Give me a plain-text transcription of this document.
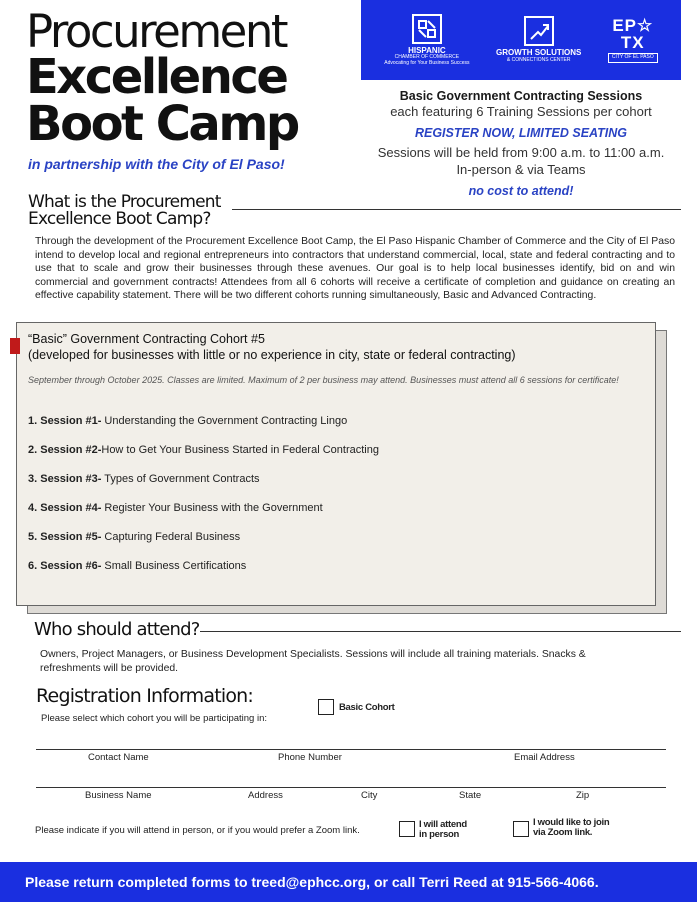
Procurement
Excellence
Boot Camp
in partnership with the City of El Paso!
HISPANIC
CHAMBER OF COMMERCE
Advocating for Your Business Success
GROWTH SOLUTIONS
& CONNECTIONS CENTER
EP☆
TX
CITY OF EL PASO
Basic Government Contracting Sessions
each featuring 6 Training Sessions per cohort
REGISTER NOW, LIMITED SEATING
Sessions will be held from 9:00 a.m. to 11:00 a.m.
In-person & via Teams
no cost to attend!
What is the Procurement
Excellence Boot Camp?
Through the development of the Procurement Excellence Boot Camp, the El Paso Hispanic Chamber of Commerce and the City of El Paso intend to develop local and regional entrepreneurs into contractors that understand commercial, local, state and federal contracting and to use that to scale and grow their businesses through these avenues. Our goal is to help local businesses identify, bid on and win commercial and government contracts! Attendees from all 6 cohorts will receive a certificate of completion and guidance on creating an effective capability statement. There will be two different cohorts running simultaneously, Basic and Advanced Contracting.
“Basic” Government Contracting Cohort #5
(developed for businesses with little or no experience in city, state or federal contracting)
September through October 2025. Classes are limited. Maximum of 2 per business may attend. Businesses must attend all 6 sessions for certificate!
1. Session #1- Understanding the Government Contracting Lingo
2. Session #2-How to Get Your Business Started in Federal Contracting
3. Session #3- Types of Government Contracts
4. Session #4- Register Your Business with the Government
5. Session #5- Capturing Federal Business
6. Session #6- Small Business Certifications
Who should attend?
Owners, Project Managers, or Business Development Specialists. Sessions will include all training materials. Snacks & refreshments will be provided.
Registration Information:
Please select which cohort you will be participating in:
Basic Cohort
Contact Name	Phone Number	Email Address
Business Name	Address	City	State	Zip
Please indicate if you will attend in person, or if you would prefer a Zoom link.
I will attend
in person
I would like to join
via Zoom link.
Please return completed forms to treed@ephcc.org, or call Terri Reed at 915-566-4066.
